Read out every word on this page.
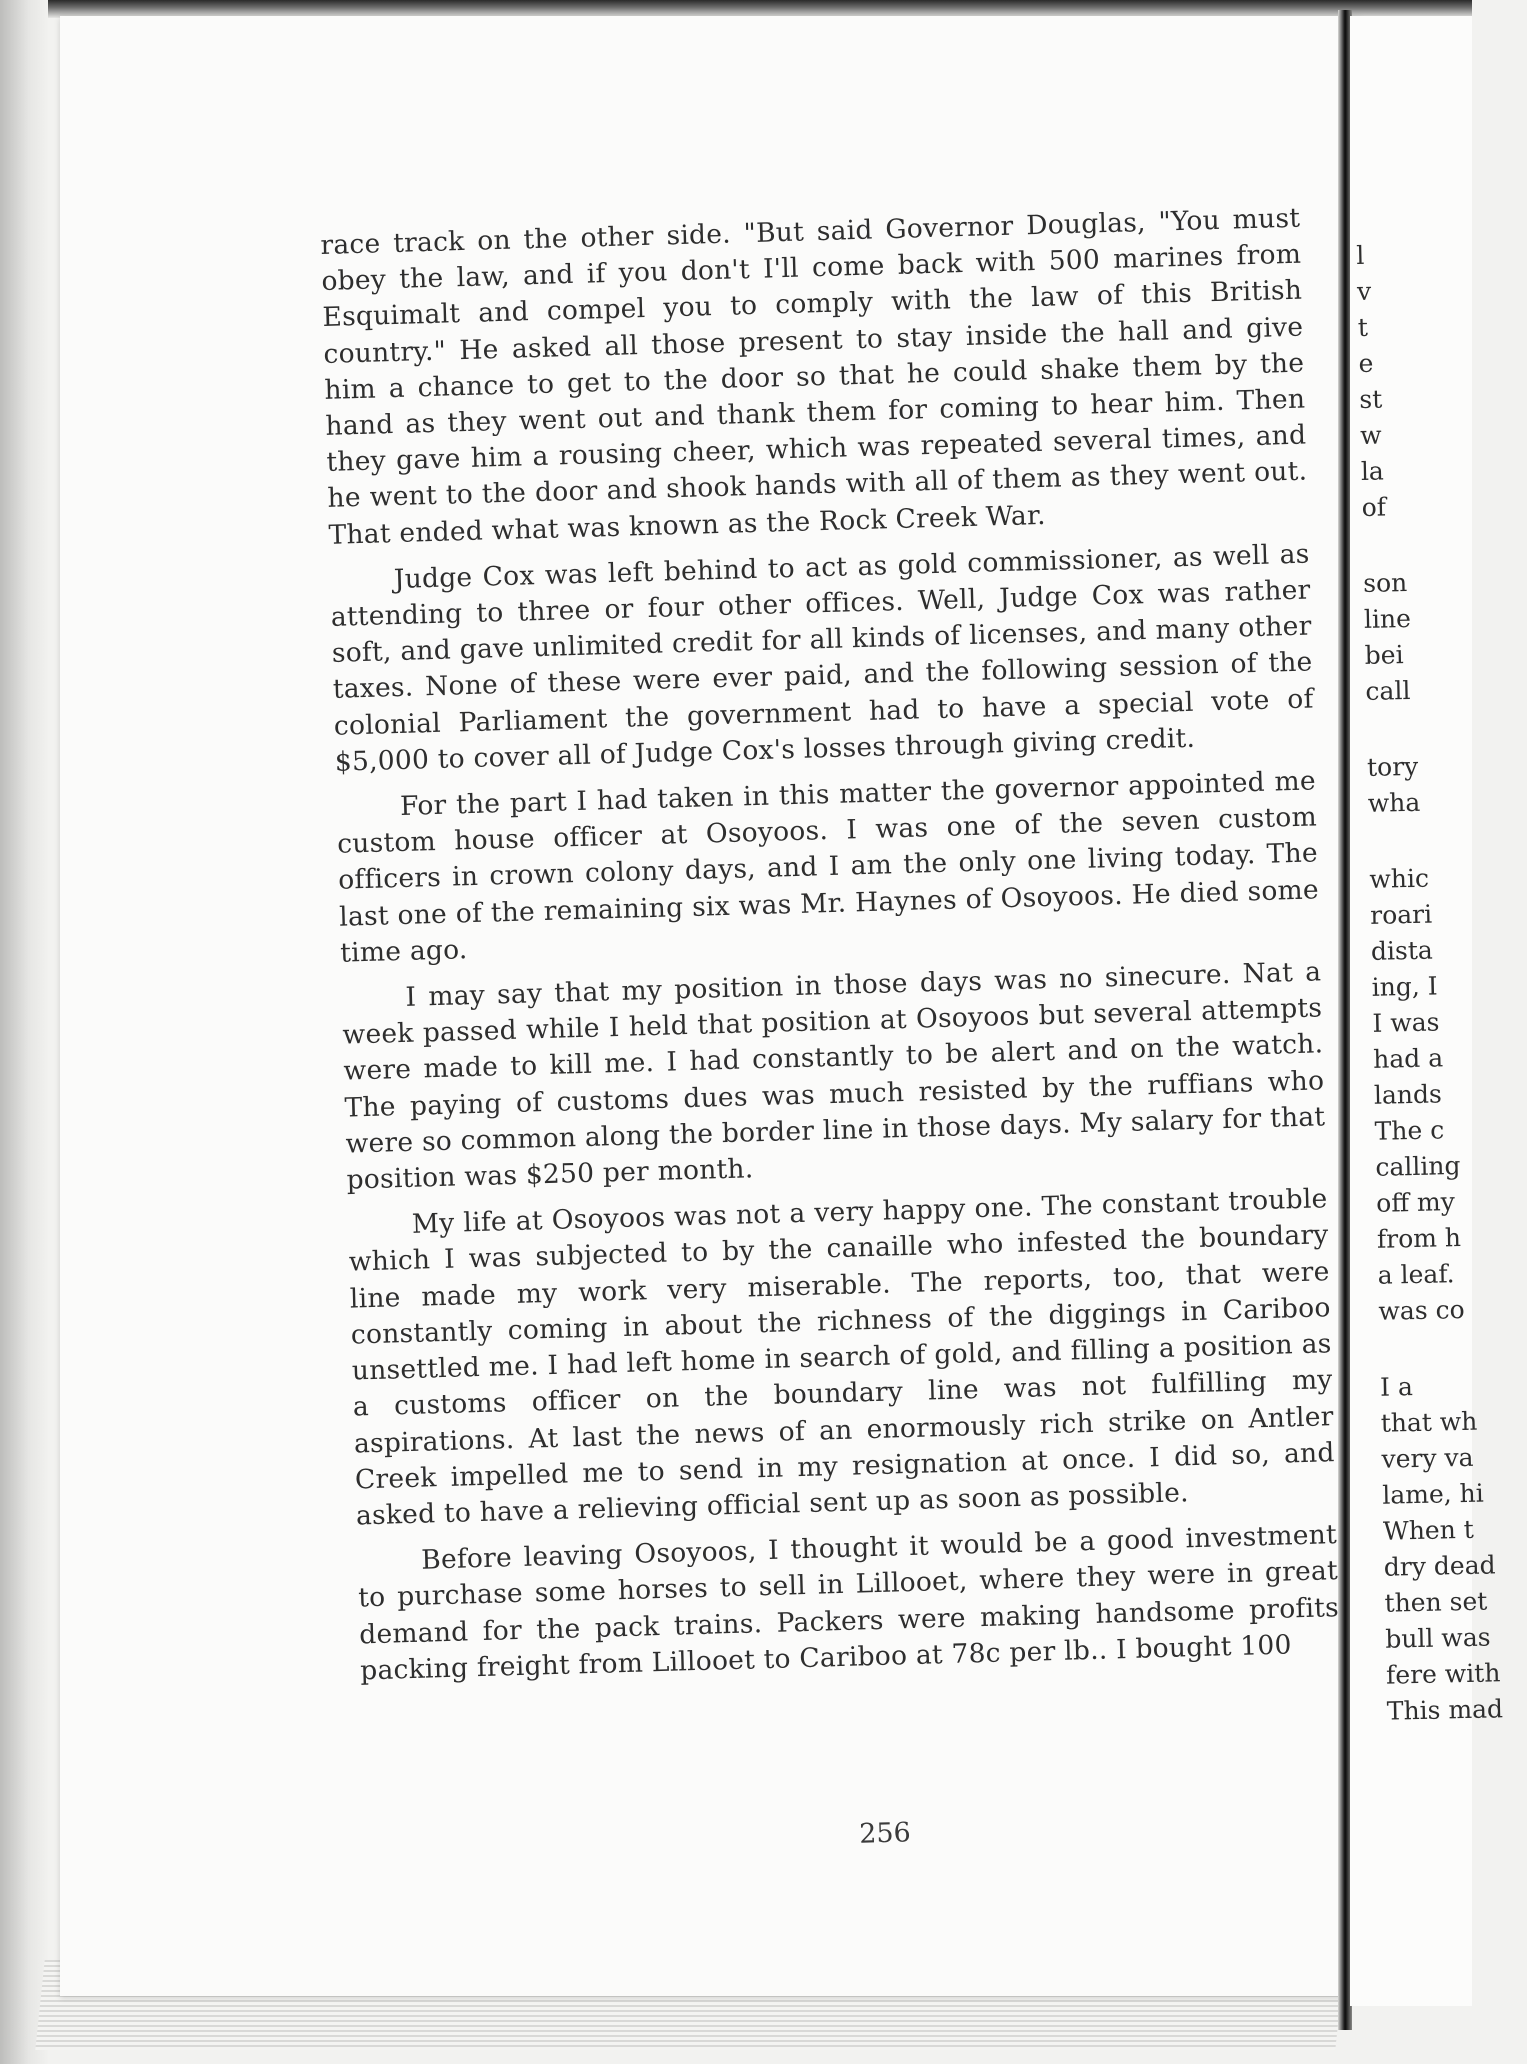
l
v
t
e
st
w
la
of
son
line
bei
call
tory
wha
whic
roari
dista
ing, I
I was
had a
lands
The c
calling
off my
from h
a leaf.
was co
I a
that wh
very va
lame, hi
When t
dry dead
then set
bull was
fere with
This mad

race track on the other side. "But said Governor Douglas, "You must obey the law, and if you don't I'll come back with 500 marines from Esquimalt and compel you to comply with the law of this British country." He asked all those present to stay inside the hall and give him a chance to get to the door so that he could shake them by the hand as they went out and thank them for coming to hear him. Then they gave him a rousing cheer, which was repeated several times, and he went to the door and shook hands with all of them as they went out. That ended what was known as the Rock Creek War.

Judge Cox was left behind to act as gold commissioner, as well as attending to three or four other offices. Well, Judge Cox was rather soft, and gave unlimited credit for all kinds of licenses, and many other taxes. None of these were ever paid, and the following session of the colonial Parliament the government had to have a special vote of $5,000 to cover all of Judge Cox's losses through giving credit.

For the part I had taken in this matter the governor appointed me custom house officer at Osoyoos. I was one of the seven custom officers in crown colony days, and I am the only one living today. The last one of the remaining six was Mr. Haynes of Osoyoos. He died some time ago.

I may say that my position in those days was no sinecure. Nat a week passed while I held that position at Osoyoos but several attempts were made to kill me. I had constantly to be alert and on the watch. The paying of customs dues was much resisted by the ruffians who were so common along the border line in those days. My salary for that position was $250 per month.

My life at Osoyoos was not a very happy one. The constant trouble which I was subjected to by the canaille who infested the boundary line made my work very miserable. The reports, too, that were constantly coming in about the richness of the diggings in Cariboo unsettled me. I had left home in search of gold, and filling a position as a customs officer on the boundary line was not fulfilling my aspirations. At last the news of an enormously rich strike on Antler Creek impelled me to send in my resignation at once. I did so, and asked to have a relieving official sent up as soon as possible.

Before leaving Osoyoos, I thought it would be a good investment to purchase some horses to sell in Lillooet, where they were in great demand for the pack trains. Packers were making handsome profits packing freight from Lillooet to Cariboo at 78c per lb.. I bought 100

256
